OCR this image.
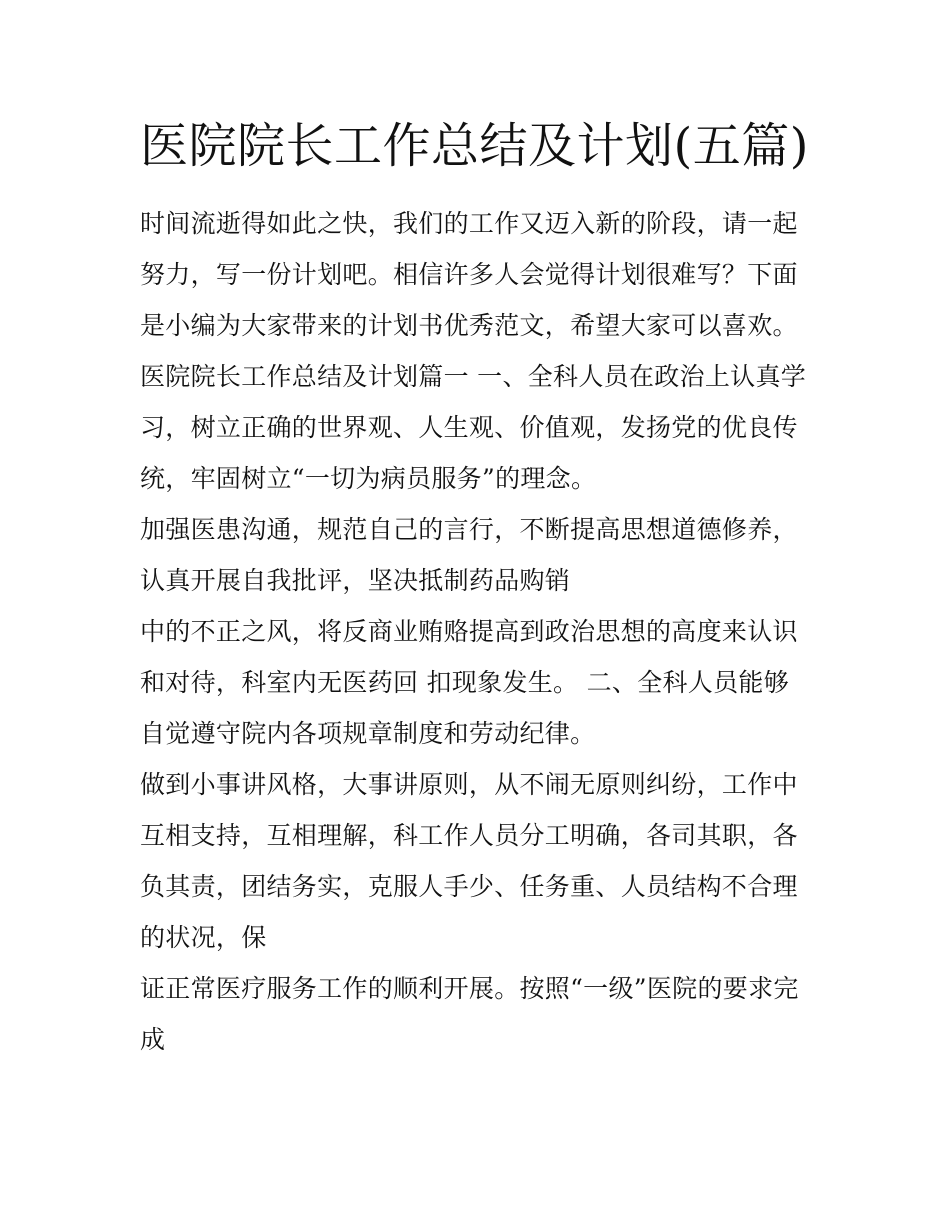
医院院长工作总结及计划(五篇)

时间流逝得如此之快，我们的工作又迈入新的阶段，请一起努力，写一份计划吧。相信许多人会觉得计划很难写？下面是小编为大家带来的计划书优秀范文，希望大家可以喜欢。

医院院长工作总结及计划篇一 一、全科人员在政治上认真学习，树立正确的世界观、人生观、价值观，发扬党的优良传统，牢固树立“一切为病员服务”的理念。

加强医患沟通，规范自己的言行，不断提高思想道德修养，认真开展自我批评，坚决抵制药品购销

中的不正之风，将反商业贿赂提高到政治思想的高度来认识和对待，科室内无医药回 扣现象发生。 二、全科人员能够自觉遵守院内各项规章制度和劳动纪律。

做到小事讲风格，大事讲原则，从不闹无原则纠纷，工作中互相支持，互相理解，科工作人员分工明确，各司其职，各负其责，团结务实，克服人手少、任务重、人员结构不合理的状况，保

证正常医疗服务工作的顺利开展。按照“一级”医院的要求完成
